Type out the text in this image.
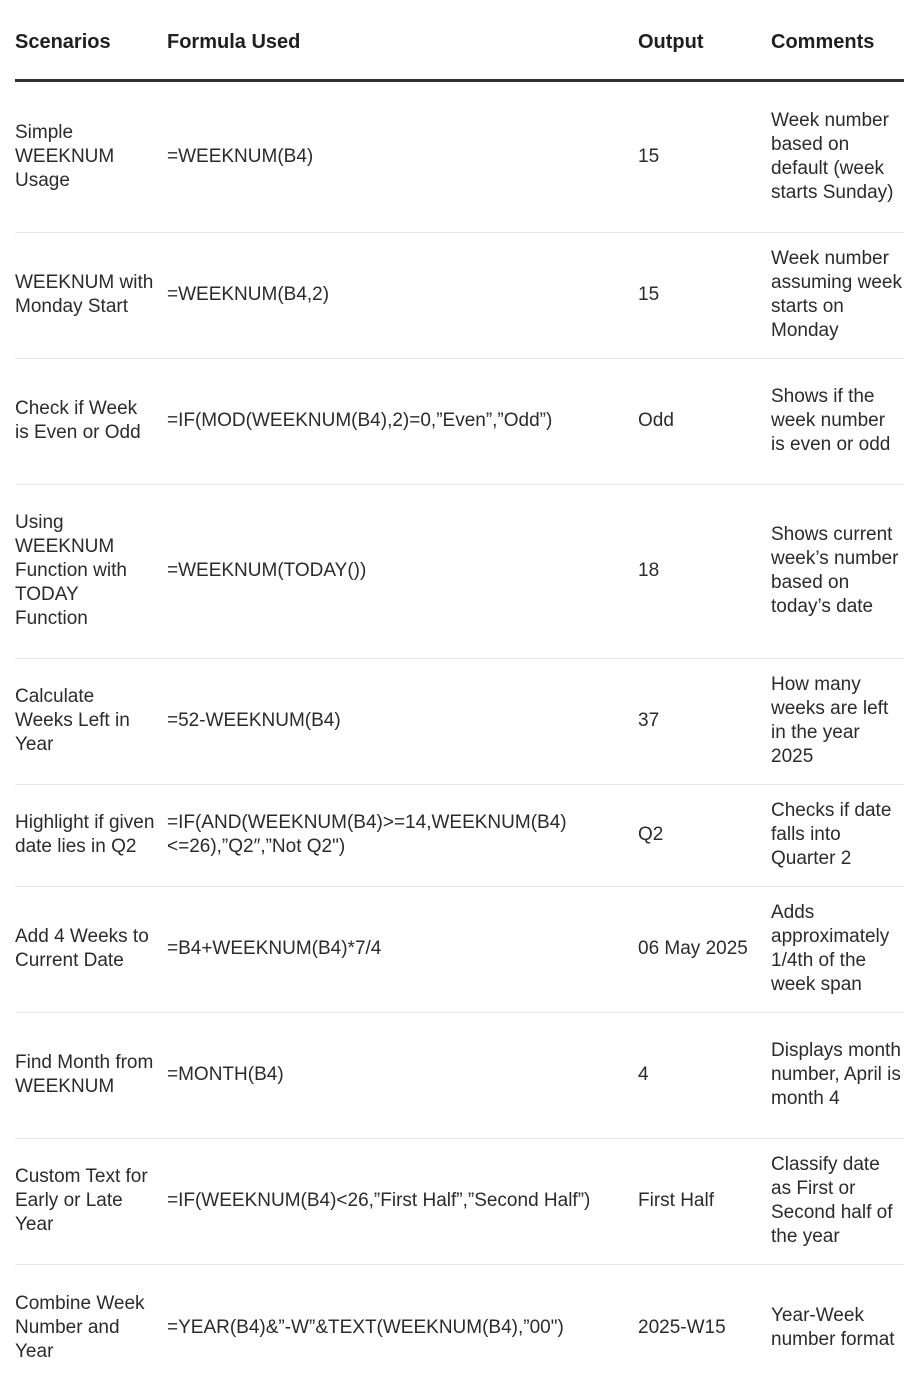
Scenarios	Formula Used	Output	Comments
Simple WEEKNUM Usage	=WEEKNUM(B4)	15	Week number based on default (week starts Sunday)
WEEKNUM with Monday Start	=WEEKNUM(B4,2)	15	Week number assuming week starts on Monday
Check if Week is Even or Odd	=IF(MOD(WEEKNUM(B4),2)=0,”Even”,”Odd”)	Odd	Shows if the week number is even or odd
Using WEEKNUM Function with TODAY Function	=WEEKNUM(TODAY())	18	Shows current week’s number based on today’s date
Calculate Weeks Left in Year	=52-WEEKNUM(B4)	37	How many weeks are left in the year 2025
Highlight if given date lies in Q2	=IF(AND(WEEKNUM(B4)>=14,WEEKNUM(B4)<=26),”Q2″,”Not Q2")	Q2	Checks if date falls into Quarter 2
Add 4 Weeks to Current Date	=B4+WEEKNUM(B4)*7/4	06 May 2025	Adds approximately 1/4th of the week span
Find Month from WEEKNUM	=MONTH(B4)	4	Displays month number, April is month 4
Custom Text for Early or Late Year	=IF(WEEKNUM(B4)<26,”First Half”,”Second Half”)	First Half	Classify date as First or Second half of the year
Combine Week Number and Year	=YEAR(B4)&”-W”&TEXT(WEEKNUM(B4),”00")	2025-W15	Year-Week number format
